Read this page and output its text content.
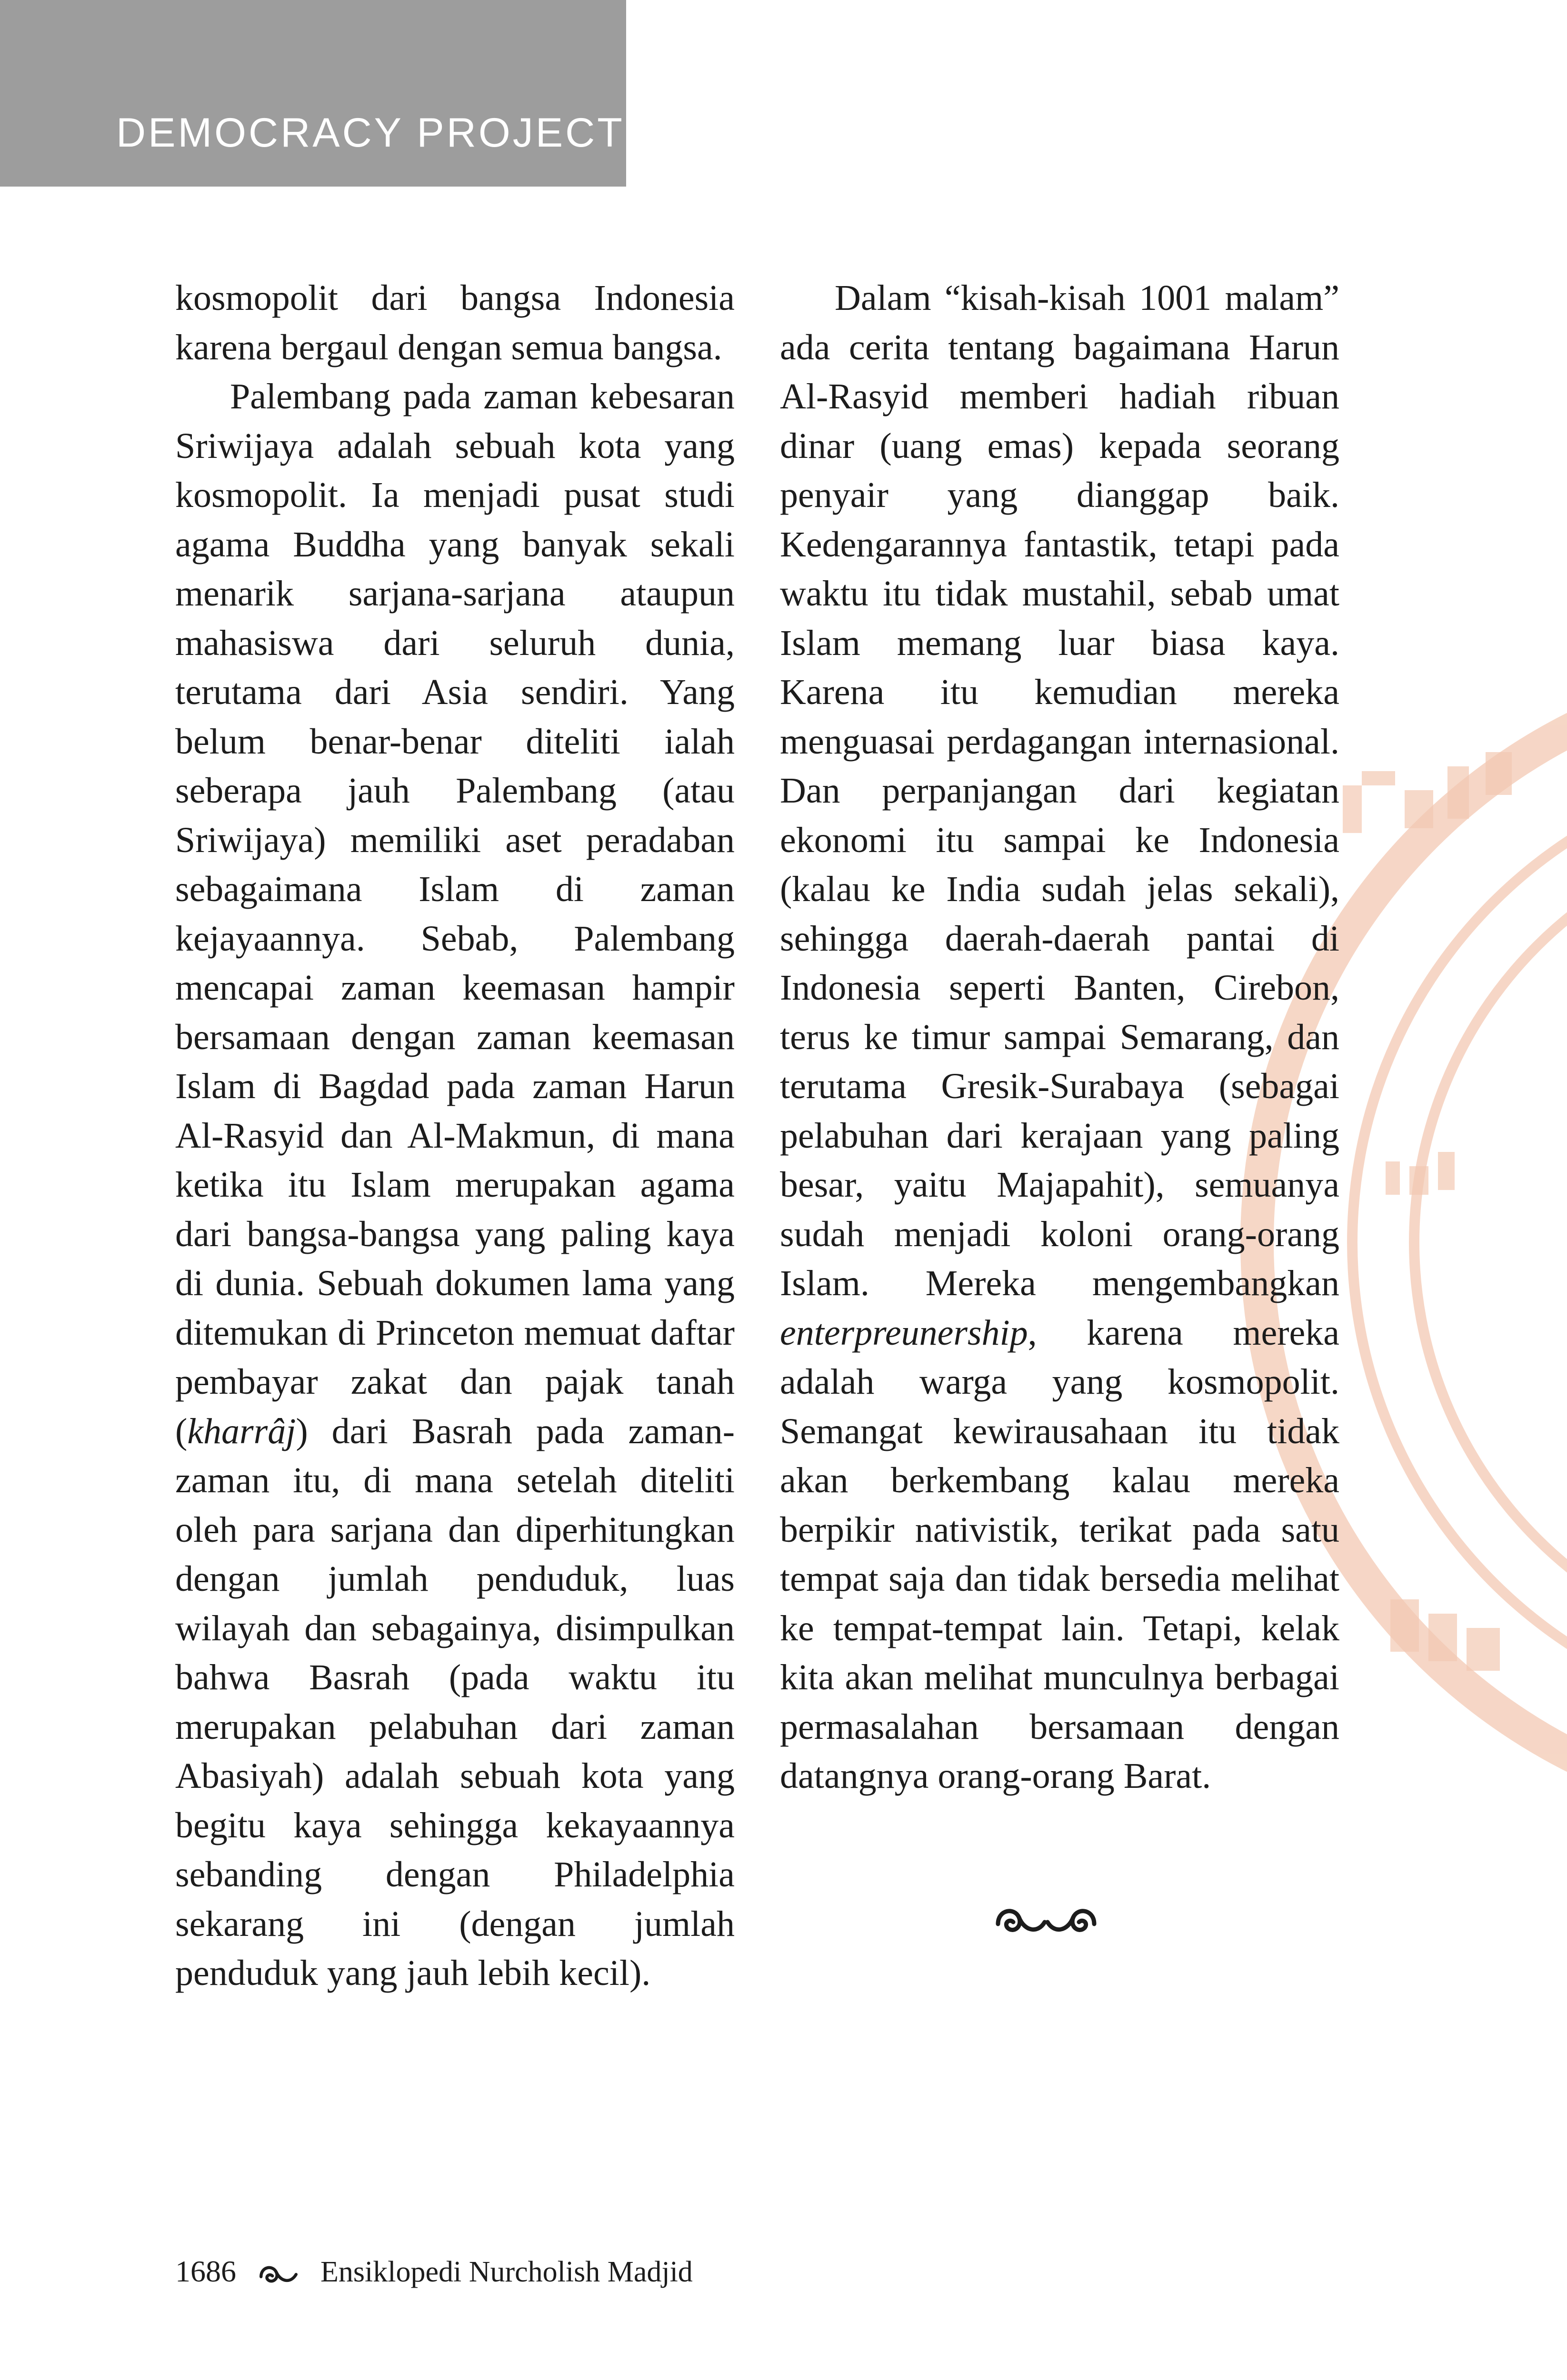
DEMOCRACY PROJECT

kosmopolit dari bangsa Indonesia karena bergaul dengan semua bangsa.

Palembang pada zaman kebesaran Sriwijaya adalah sebuah kota yang kosmopolit. Ia menjadi pusat studi agama Buddha yang banyak sekali menarik sarjana-sarjana ataupun mahasiswa dari seluruh dunia, terutama dari Asia sendiri. Yang belum benar-benar diteliti ialah seberapa jauh Palembang (atau Sriwijaya) memiliki aset peradaban sebagaimana Islam di zaman kejayaannya. Sebab, Palembang mencapai zaman keemasan hampir bersamaan dengan zaman keemasan Islam di Bagdad pada zaman Harun Al-Rasyid dan Al-Makmun, di mana ketika itu Islam merupakan agama dari bangsa-bangsa yang paling kaya di dunia. Sebuah dokumen lama yang ditemukan di Princeton memuat daftar pembayar zakat dan pajak tanah (kharrâj) dari Basrah pada zaman-zaman itu, di mana setelah diteliti oleh para sarjana dan diperhitungkan dengan jumlah penduduk, luas wilayah dan sebagainya, disimpulkan bahwa Basrah (pada waktu itu merupakan pelabuhan dari zaman Abasiyah) adalah sebuah kota yang begitu kaya sehingga kekayaannya sebanding dengan Philadelphia sekarang ini (dengan jumlah penduduk yang jauh lebih kecil).

Dalam “kisah-kisah 1001 malam” ada cerita tentang bagaimana Harun Al-Rasyid memberi hadiah ribuan dinar (uang emas) kepada seorang penyair yang dianggap baik. Kedengarannya fantastik, tetapi pada waktu itu tidak mustahil, sebab umat Islam memang luar biasa kaya. Karena itu kemudian mereka menguasai perdagangan internasional. Dan perpanjangan dari kegiatan ekonomi itu sampai ke Indonesia (kalau ke India sudah jelas sekali), sehingga daerah-daerah pantai di Indonesia seperti Banten, Cirebon, terus ke timur sampai Semarang, dan terutama Gresik-Surabaya (sebagai pelabuhan dari kerajaan yang paling besar, yaitu Majapahit), semuanya sudah menjadi koloni orang-orang Islam. Mereka mengembangkan enterpreunership, karena mereka adalah warga yang kosmopolit. Semangat kewirausahaan itu tidak akan berkembang kalau mereka berpikir nativistik, terikat pada satu tempat saja dan tidak bersedia melihat ke tempat-tempat lain. Tetapi, kelak kita akan melihat munculnya berbagai permasalahan bersamaan dengan datangnya orang-orang Barat.

1686	Ensiklopedi Nurcholish Madjid
